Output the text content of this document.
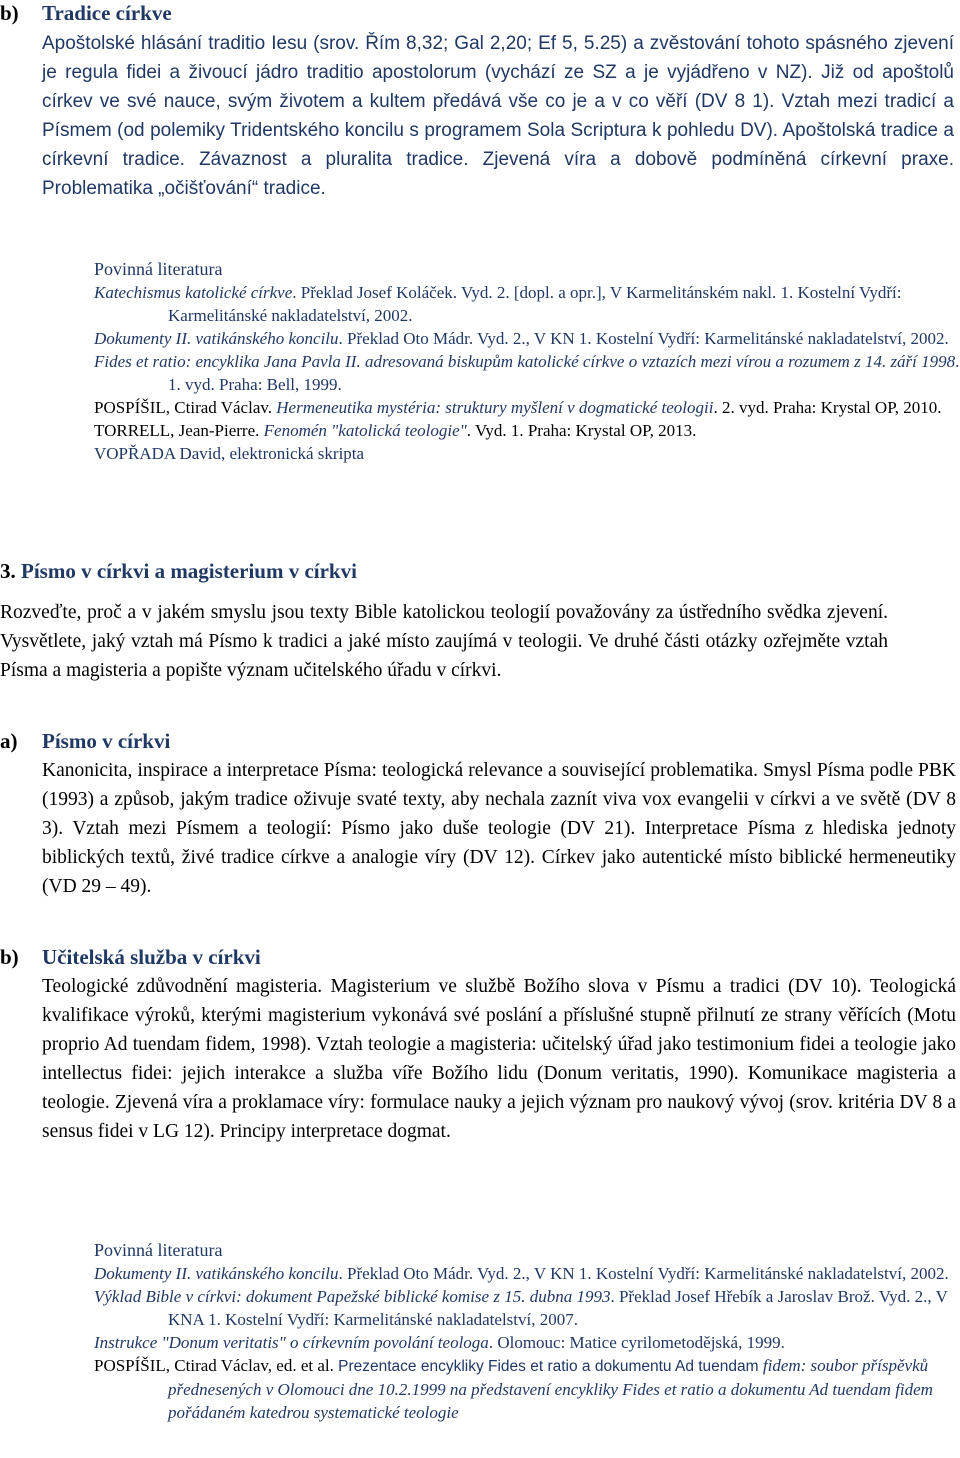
b) Tradice církve
Apoštolské hlásání traditio Iesu (srov. Řím 8,32; Gal 2,20; Ef 5, 5.25) a zvěstování tohoto spásného zjevení je regula fidei a živoucí jádro traditio apostolorum (vychází ze SZ a je vyjádřeno v NZ). Již od apoštolů církev ve své nauce, svým životem a kultem předává vše co je a v co věří (DV 8 1). Vztah mezi tradicí a Písmem (od polemiky Tridentského koncilu s programem Sola Scriptura k pohledu DV). Apoštolská tradice a církevní tradice. Závaznost a pluralita tradice. Zjevená víra a dobově podmíněná církevní praxe. Problematika „očišťování“ tradice.
Povinná literatura
Katechismus katolické církve. Překlad Josef Koláček. Vyd. 2. [dopl. a opr.], V Karmelitánském nakl. 1. Kostelní Vydří: Karmelitánské nakladatelství, 2002.
Dokumenty II. vatikánského koncilu. Překlad Oto Mádr. Vyd. 2., V KN 1. Kostelní Vydří: Karmelitánské nakladatelství, 2002.
Fides et ratio: encyklika Jana Pavla II. adresovaná biskupům katolické církve o vztazích mezi vírou a rozumem z 14. září 1998. 1. vyd. Praha: Bell, 1999.
POSPÍŠIL, Ctirad Václav. Hermeneutika mystéria: struktury myšlení v dogmatické teologii. 2. vyd. Praha: Krystal OP, 2010.
TORRELL, Jean-Pierre. Fenomén "katolická teologie". Vyd. 1. Praha: Krystal OP, 2013.
VOPŘADA David, elektronická skripta
3. Písmo v církvi a magisterium v církvi
Rozveďte, proč a v jakém smyslu jsou texty Bible katolickou teologií považovány za ústředního svědka zjevení. Vysvětlete, jaký vztah má Písmo k tradici a jaké místo zaujímá v teologii. Ve druhé části otázky ozřejměte vztah Písma a magisteria a popište význam učitelského úřadu v církvi.
a) Písmo v církvi
Kanonicita, inspirace a interpretace Písma: teologická relevance a související problematika. Smysl Písma podle PBK (1993) a způsob, jakým tradice oživuje svaté texty, aby nechala zaznít viva vox evangelii v církvi a ve světě (DV 8 3). Vztah mezi Písmem a teologií: Písmo jako duše teologie (DV 21). Interpretace Písma z hlediska jednoty biblických textů, živé tradice církve a analogie víry (DV 12). Církev jako autentické místo biblické hermeneutiky (VD 29 – 49).
b) Učitelská služba v církvi
Teologické zdůvodnění magisteria. Magisterium ve službě Božího slova v Písmu a tradici (DV 10). Teologická kvalifikace výroků, kterými magisterium vykonává své poslání a příslušné stupně přilnutí ze strany věřících (Motu proprio Ad tuendam fidem, 1998). Vztah teologie a magisteria: učitelský úřad jako testimonium fidei a teologie jako intellectus fidei: jejich interakce a služba víře Božího lidu (Donum veritatis, 1990). Komunikace magisteria a teologie. Zjevená víra a proklamace víry: formulace nauky a jejich význam pro naukový vývoj (srov. kritéria DV 8 a sensus fidei v LG 12). Principy interpretace dogmat.
Povinná literatura
Dokumenty II. vatikánského koncilu. Překlad Oto Mádr. Vyd. 2., V KN 1. Kostelní Vydří: Karmelitánské nakladatelství, 2002.
Výklad Bible v církvi: dokument Papežské biblické komise z 15. dubna 1993. Překlad Josef Hřebík a Jaroslav Brož. Vyd. 2., V KNA 1. Kostelní Vydří: Karmelitánské nakladatelství, 2007.
Instrukce "Donum veritatis" o církevním povolání teologa. Olomouc: Matice cyrilometodějská, 1999.
POSPÍŠIL, Ctirad Václav, ed. et al. Prezentace encykliky Fides et ratio a dokumentu Ad tuendam fidem: soubor příspěvků přednesených v Olomouci dne 10.2.1999 na představení encykliky Fides et ratio a dokumentu Ad tuendam fidem pořádaném katedrou systematické teologie
